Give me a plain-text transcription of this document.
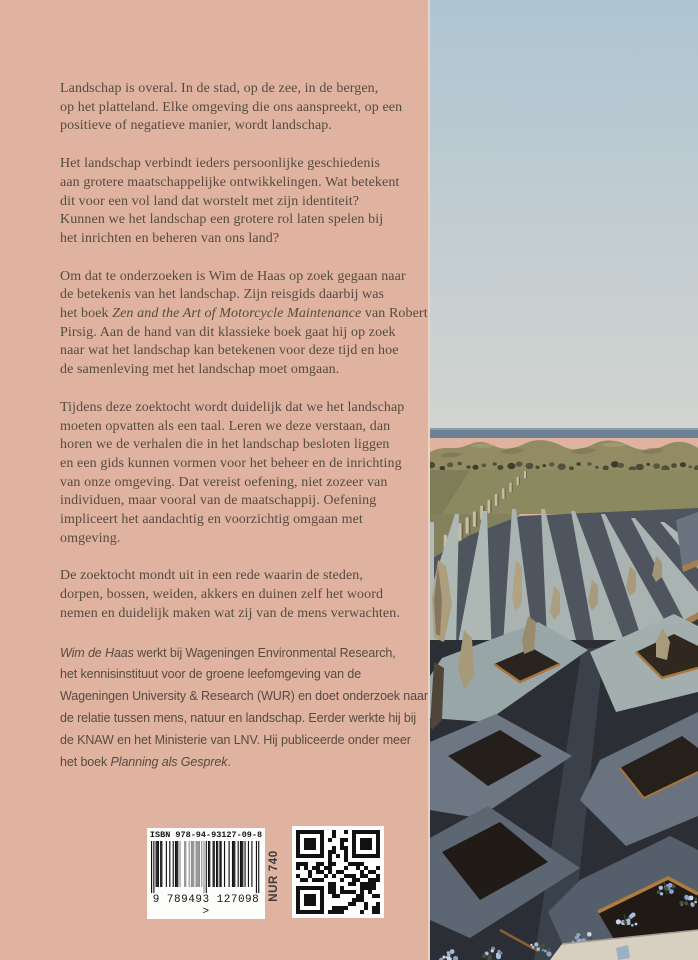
Landschap is overal. In de stad, op de zee, in de bergen,
op het platteland. Elke omgeving die ons aanspreekt, op een
positieve of negatieve manier, wordt landschap.

Het landschap verbindt ieders persoonlijke geschiedenis
aan grotere maatschappelijke ontwikkelingen. Wat betekent
dit voor een vol land dat worstelt met zijn identiteit?
Kunnen we het landschap een grotere rol laten spelen bij
het inrichten en beheren van ons land?

Om dat te onderzoeken is Wim de Haas op zoek gegaan naar
de betekenis van het landschap. Zijn reisgids daarbij was
het boek Zen and the Art of Motorcycle Maintenance van Robert
Pirsig. Aan de hand van dit klassieke boek gaat hij op zoek
naar wat het landschap kan betekenen voor deze tijd en hoe
de samenleving met het landschap moet omgaan.

Tijdens deze zoektocht wordt duidelijk dat we het landschap
moeten opvatten als een taal. Leren we deze verstaan, dan
horen we de verhalen die in het landschap besloten liggen
en een gids kunnen vormen voor het beheer en de inrichting
van onze omgeving. Dat vereist oefening, niet zozeer van
individuen, maar vooral van de maatschappij. Oefening
impliceert het aandachtig en voorzichtig omgaan met
omgeving.

De zoektocht mondt uit in een rede waarin de steden,
dorpen, bossen, weiden, akkers en duinen zelf het woord
nemen en duidelijk maken wat zij van de mens verwachten.

Wim de Haas werkt bij Wageningen Environmental Research,
het kennisinstituut voor de groene leefomgeving van de
Wageningen University & Research (WUR) en doet onderzoek naar
de relatie tussen mens, natuur en landschap. Eerder werkte hij bij
de KNAW en het Ministerie van LNV. Hij publiceerde onder meer
het boek Planning als Gesprek.

ISBN 978-94-93127-09-8
9 789493 127098 >
NUR 740
